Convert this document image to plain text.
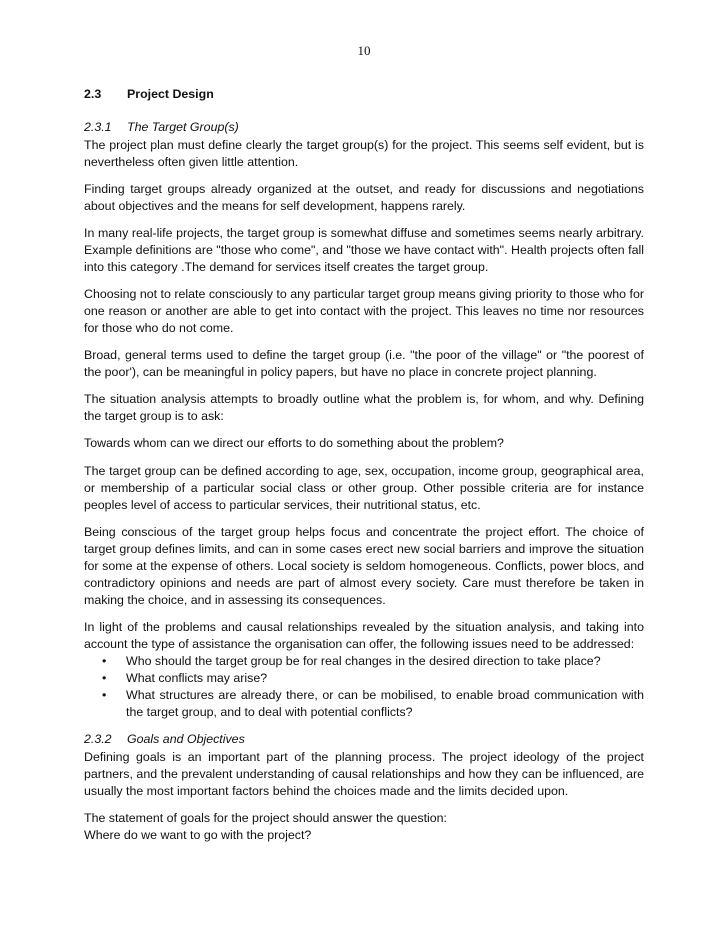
10
2.3	Project Design
2.3.1	The Target Group(s)

The project plan must define clearly the target group(s) for the project. This seems self evident, but is nevertheless often given little attention.

Finding target groups already organized at the outset, and ready for discussions and negotiations about objectives and the means for self development, happens rarely.

In many real-life projects, the target group is somewhat diffuse and sometimes seems nearly arbitrary. Example definitions are "those who come", and "those we have contact with". Health projects often fall into this category .The demand for services itself creates the target group.

Choosing not to relate consciously to any particular target group means giving priority to those who for one reason or another are able to get into contact with the project. This leaves no time nor resources for those who do not come.

Broad, general terms used to define the target group (i.e. "the poor of the village" or "the poorest of the poor'), can be meaningful in policy papers, but have no place in concrete project planning.

The situation analysis attempts to broadly outline what the problem is, for whom, and why. Defining the target group is to ask:

Towards whom can we direct our efforts to do something about the problem?

The target group can be defined according to age, sex, occupation, income group, geographical area, or membership of a particular social class or other group. Other possible criteria are for instance peoples level of access to particular services, their nutritional status, etc.

Being conscious of the target group helps focus and concentrate the project effort. The choice of target group defines limits, and can in some cases erect new social barriers and improve the situation for some at the expense of others. Local society is seldom homogeneous. Conflicts, power blocs, and contradictory opinions and needs are part of almost every society. Care must therefore be taken in making the choice, and in assessing its consequences.

In light of the problems and causal relationships revealed by the situation analysis, and taking into account the type of assistance the organisation can offer, the following issues need to be addressed:

• Who should the target group be for real changes in the desired direction to take place?
• What conflicts may arise?
• What structures are already there, or can be mobilised, to enable broad communication with the target group, and to deal with potential conflicts?
2.3.2	Goals and Objectives

Defining goals is an important part of the planning process. The project ideology of the project partners, and the prevalent understanding of causal relationships and how they can be influenced, are usually the most important factors behind the choices made and the limits decided upon.

The statement of goals for the project should answer the question:

Where do we want to go with the project?
